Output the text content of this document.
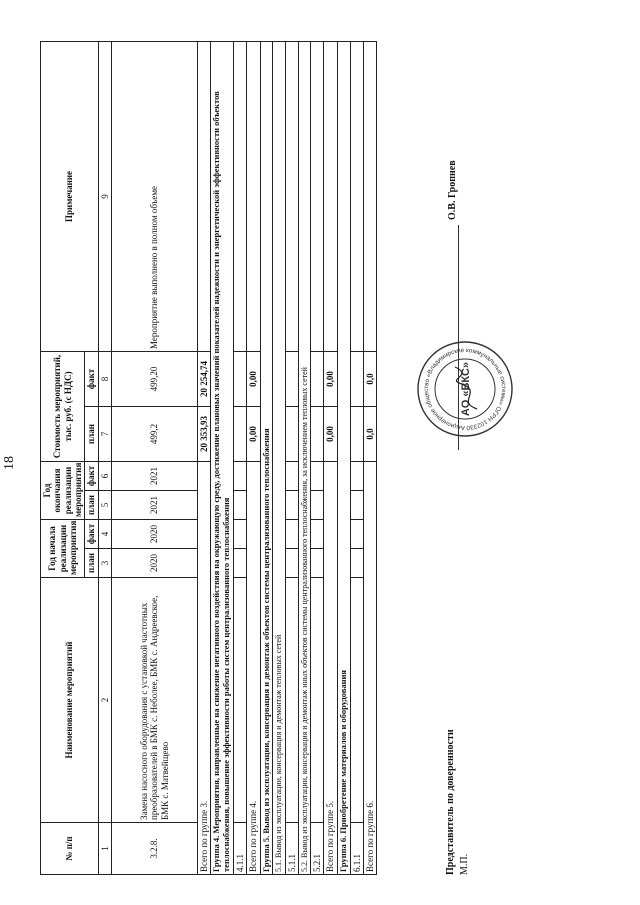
18
№ п/п	Наименование мероприятий	Год начала реализации мероприятия		Год окончания реализации мероприятия		Стоимость мероприятий, тыс. руб. (с НДС)		Примечание
		план	факт	план	факт	план	факт	
1	2	3	4	5	6	7	8	9
3.2.8.	Замена насосного оборудования с установкой частотных преобразователей в БМК с. Неболее, БМК с. Андреевское, БМК с. Матвейщево	2020	2020	2021	2021	499,2	499,20	Мероприятие выполнено в полном объеме
Всего по группе 3.						20 353,93	20 254,74	
Группа 4. Мероприятия, направленные на снижение негативного воздействия на окружающую среду, достижение плановых значений показателей надежности и энергетической эффективности объектов теплоснабжения, повышение эффективности работы систем централизованного теплоснабжения								
4.1.1								
Всего по группе 4.						0,00	0,00	
Группа 5. Вывод из эксплуатации, консервация и демонтаж объектов системы централизованного теплоснабжения								
5.1. Вывод из эксплуатации, консервация и демонтаж тепловых сетей								
5.1.1								
5.2. Вывод из эксплуатации, консервация и демонтаж иных объектов системы централизованного теплоснабжения, за исключением тепловых сетей								
5.2.1								
Всего по группе 5.						0,00	0,00	
Группа 6. Приобретение материалов и оборудования								
6.1.1								
Всего по группе 6.						0,0	0,0	
Представитель по доверенности М.П.
О.В. Гропнев
Акционерное общество «Владимирские коммунальные системы» ОГРН 102330
АО «ВКС»
